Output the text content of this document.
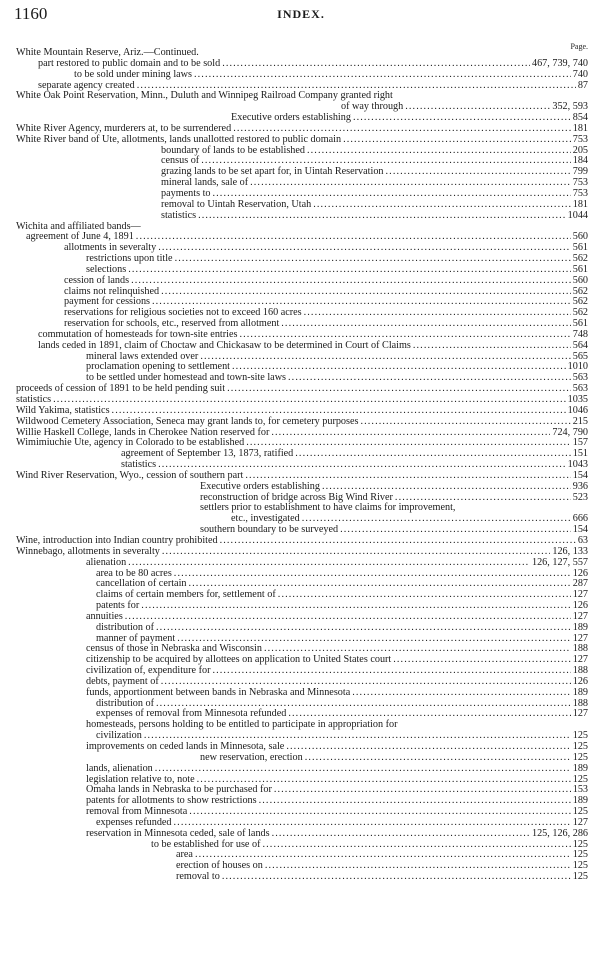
1160	INDEX.
Page.
White Mountain Reserve, Ariz.—Continued.
part restored to public domain and to be sold .....	467, 739, 740
to be sold under mining laws .....	740
separate agency created .....	87
White Oak Point Reservation, Minn., Duluth and Winnipeg Railroad Company granted right
of way through .....	352, 593
Executive orders establishing .....	854
White River Agency, murderers at, to be surrendered .....	181
White River band of Ute, allotments, lands unallotted restored to public domain .....	753
boundary of lands to be established .....	205
census of .....	184
grazing lands to be set apart for, in Uintah Reservation .....	799
mineral lands, sale of .....	753
payments to .....	753
removal to Uintah Reservation, Utah .....	181
statistics .....	1044
Wichita and affiliated bands—
agreement of June 4, 1891 .....	560
allotments in severalty .....	561
restrictions upon title .....	562
selections .....	561
cession of lands .....	560
claims not relinquished .....	562
payment for cessions .....	562
reservations for religious societies not to exceed 160 acres .....	562
reservation for schools, etc., reserved from allotment .....	561
commutation of homesteads for town-site entries .....	748
lands ceded in 1891, claim of Choctaw and Chickasaw to be determined in Court of Claims .....	564
mineral laws extended over .....	565
proclamation opening to settlement .....	1010
to be settled under homestead and town-site laws .....	563
proceeds of cession of 1891 to be held pending suit .....	563
statistics .....	1035
Wild Yakima, statistics .....	1046
Wildwood Cemetery Association, Seneca may grant lands to, for cemetery purposes .....	215
Willie Haskell College, lands in Cherokee Nation reserved for .....	724, 790
Wimimiuchie Ute, agency in Colorado to be established .....	157
agreement of September 13, 1873, ratified .....	151
statistics .....	1043
Wind River Reservation, Wyo., cession of southern part .....	154
Executive orders establishing .....	936
reconstruction of bridge across Big Wind River .....	523
settlers prior to establishment to have claims for improvement,
etc., investigated .....	666
southern boundary to be surveyed .....	154
Wine, introduction into Indian country prohibited .....	63
Winnebago, allotments in severalty .....	126, 133
alienation .....	126, 127, 557
area to be 80 acres .....	126
cancellation of certain .....	287
claims of certain members for, settlement of .....	127
patents for .....	126
annuities .....	127
distribution of .....	189
manner of payment .....	127
census of those in Nebraska and Wisconsin .....	188
citizenship to be acquired by allottees on application to United States court .....	127
civilization of, expenditure for .....	188
debts, payment of .....	126
funds, apportionment between bands in Nebraska and Minnesota .....	189
distribution of .....	188
expenses of removal from Minnesota refunded .....	127
homesteads, persons holding to be entitled to participate in appropriation for
civilization .....	125
improvements on ceded lands in Minnesota, sale .....	125
new reservation, erection .....	125
lands, alienation .....	189
legislation relative to, note .....	125
Omaha lands in Nebraska to be purchased for .....	153
patents for allotments to show restrictions .....	189
removal from Minnesota .....	125
expenses refunded .....	127
reservation in Minnesota ceded, sale of lands .....	125, 126, 286
to be established for use of .....	125
area .....	125
erection of houses on .....	125
removal to .....	125
